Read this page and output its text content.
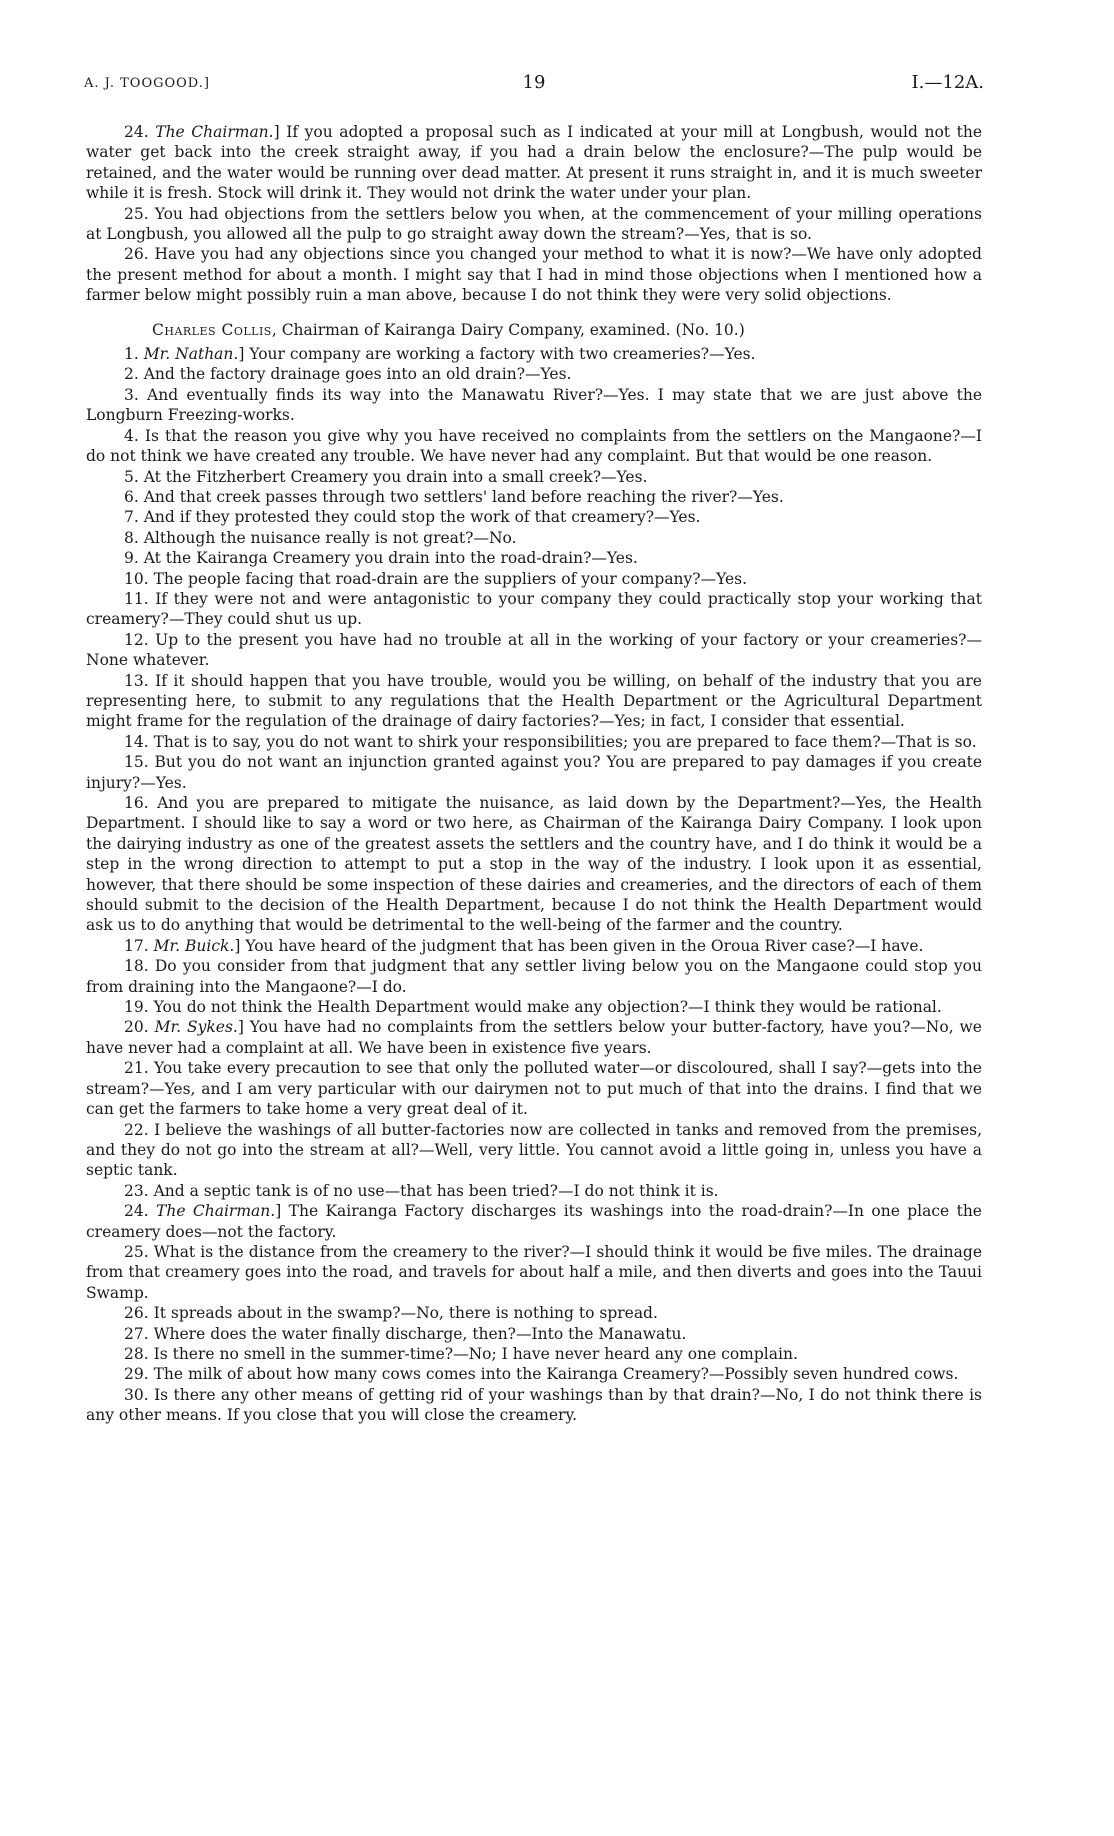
A. J. TOOGOOD.]	19	I.—12A.

24. The Chairman.] If you adopted a proposal such as I indicated at your mill at Longbush, would not the water get back into the creek straight away, if you had a drain below the enclosure?—The pulp would be retained, and the water would be running over dead matter. At present it runs straight in, and it is much sweeter while it is fresh. Stock will drink it. They would not drink the water under your plan.

25. You had objections from the settlers below you when, at the commencement of your milling operations at Longbush, you allowed all the pulp to go straight away down the stream?—Yes, that is so.

26. Have you had any objections since you changed your method to what it is now?—We have only adopted the present method for about a month. I might say that I had in mind those objections when I mentioned how a farmer below might possibly ruin a man above, because I do not think they were very solid objections.

Charles Collis, Chairman of Kairanga Dairy Company, examined. (No. 10.)

1. Mr. Nathan.] Your company are working a factory with two creameries?—Yes.

2. And the factory drainage goes into an old drain?—Yes.

3. And eventually finds its way into the Manawatu River?—Yes. I may state that we are just above the Longburn Freezing-works.

4. Is that the reason you give why you have received no complaints from the settlers on the Mangaone?—I do not think we have created any trouble. We have never had any complaint. But that would be one reason.

5. At the Fitzherbert Creamery you drain into a small creek?—Yes.

6. And that creek passes through two settlers' land before reaching the river?—Yes.

7. And if they protested they could stop the work of that creamery?—Yes.

8. Although the nuisance really is not great?—No.

9. At the Kairanga Creamery you drain into the road-drain?—Yes.

10. The people facing that road-drain are the suppliers of your company?—Yes.

11. If they were not and were antagonistic to your company they could practically stop your working that creamery?—They could shut us up.

12. Up to the present you have had no trouble at all in the working of your factory or your creameries?—None whatever.

13. If it should happen that you have trouble, would you be willing, on behalf of the industry that you are representing here, to submit to any regulations that the Health Department or the Agricultural Department might frame for the regulation of the drainage of dairy factories?—Yes; in fact, I consider that essential.

14. That is to say, you do not want to shirk your responsibilities; you are prepared to face them?—That is so.

15. But you do not want an injunction granted against you? You are prepared to pay damages if you create injury?—Yes.

16. And you are prepared to mitigate the nuisance, as laid down by the Department?—Yes, the Health Department. I should like to say a word or two here, as Chairman of the Kairanga Dairy Company. I look upon the dairying industry as one of the greatest assets the settlers and the country have, and I do think it would be a step in the wrong direction to attempt to put a stop in the way of the industry. I look upon it as essential, however, that there should be some inspection of these dairies and creameries, and the directors of each of them should submit to the decision of the Health Department, because I do not think the Health Department would ask us to do anything that would be detrimental to the well-being of the farmer and the country.

17. Mr. Buick.] You have heard of the judgment that has been given in the Oroua River case?—I have.

18. Do you consider from that judgment that any settler living below you on the Mangaone could stop you from draining into the Mangaone?—I do.

19. You do not think the Health Department would make any objection?—I think they would be rational.

20. Mr. Sykes.] You have had no complaints from the settlers below your butter-factory, have you?—No, we have never had a complaint at all. We have been in existence five years.

21. You take every precaution to see that only the polluted water—or discoloured, shall I say?—gets into the stream?—Yes, and I am very particular with our dairymen not to put much of that into the drains. I find that we can get the farmers to take home a very great deal of it.

22. I believe the washings of all butter-factories now are collected in tanks and removed from the premises, and they do not go into the stream at all?—Well, very little. You cannot avoid a little going in, unless you have a septic tank.

23. And a septic tank is of no use—that has been tried?—I do not think it is.

24. The Chairman.] The Kairanga Factory discharges its washings into the road-drain?—In one place the creamery does—not the factory.

25. What is the distance from the creamery to the river?—I should think it would be five miles. The drainage from that creamery goes into the road, and travels for about half a mile, and then diverts and goes into the Tauui Swamp.

26. It spreads about in the swamp?—No, there is nothing to spread.

27. Where does the water finally discharge, then?—Into the Manawatu.

28. Is there no smell in the summer-time?—No; I have never heard any one complain.

29. The milk of about how many cows comes into the Kairanga Creamery?—Possibly seven hundred cows.

30. Is there any other means of getting rid of your washings than by that drain?—No, I do not think there is any other means. If you close that you will close the creamery.
